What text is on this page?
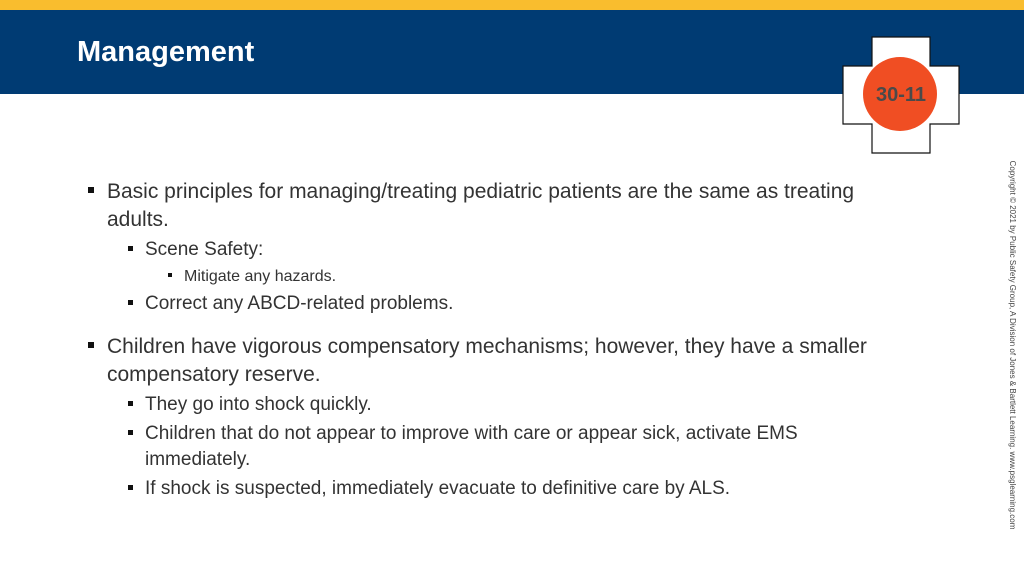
Management
30-11
Copyright © 2021 by Public Safety Group, A Division of Jones & Bartlett Learning. www.psglearning.com
Basic principles for managing/treating pediatric patients are the same as treating adults.
Scene Safety:
Mitigate any hazards.
Correct any ABCD-related problems.
Children have vigorous compensatory mechanisms; however, they have a smaller compensatory reserve.
They go into shock quickly.
Children that do not appear to improve with care or appear sick, activate EMS immediately.
If shock is suspected, immediately evacuate to definitive care by ALS.
